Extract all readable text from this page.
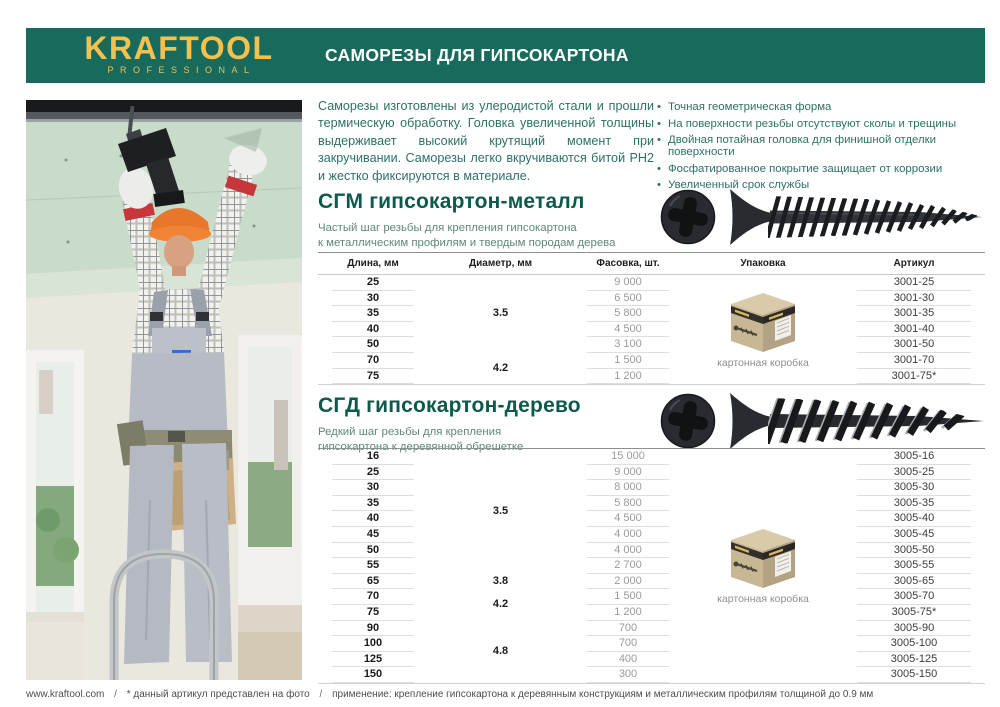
KRAFTOOL
PROFESSIONAL
САМОРЕЗЫ ДЛЯ ГИПСОКАРТОНА
Саморезы изготовлены из улеродистой стали и прошли термическую обработку. Головка увеличенной толщины выдерживает высокий крутящий момент при закручивании. Саморезы легко вкручиваются битой PH2 и жестко фиксируются в материале.
• Точная геометрическая форма
• На поверхности резьбы отсутствуют сколы и трещины
• Двойная потайная головка для финишной отделки поверхности
• Фосфатированное покрытие защищает от коррозии
• Увеличенный срок службы
СГМ гипсокартон-металл
Частый шаг резьбы для крепления гипсокартона
к металлическим профилям и твердым породам дерева
Длина, мм	Диаметр, мм	Фасовка, шт.	Упаковка	Артикул
25	3.5	9 000	картонная коробка	3001-25
30		6 500		3001-30
35		5 800		3001-35
40		4 500		3001-40
50		3 100		3001-50
70	4.2	1 500		3001-70
75		1 200		3001-75*
СГД гипсокартон-дерево
Редкий шаг резьбы для крепления
гипсокартона к деревянной обрешетке
16	3.5	15 000	картонная коробка	3005-16
25		9 000		3005-25
30		8 000		3005-30
35		5 800		3005-35
40		4 500		3005-40
45		4 000		3005-45
50		4 000		3005-50
55		2 700		3005-55
65	3.8	2 000		3005-65
70	4.2	1 500		3005-70
75		1 200		3005-75*
90	4.8	700		3005-90
100		700		3005-100
125		400		3005-125
150		300		3005-150
www.kraftool.com / * данный артикул представлен на фото / применение: крепление гипсокартона к деревянным конструкциям и металлическим профилям толщиной до 0.9 мм
